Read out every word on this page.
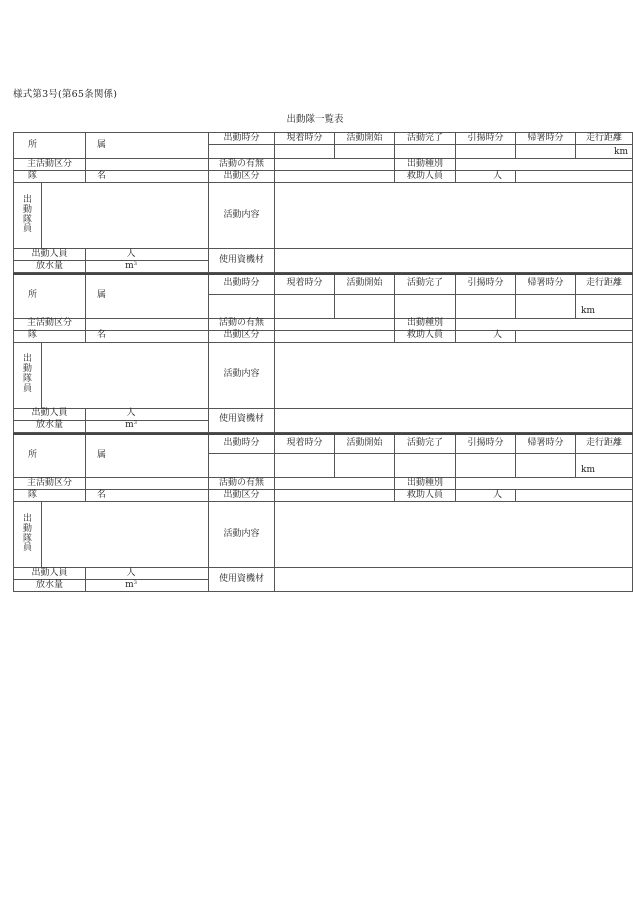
様式第3号(第65条関係)
出動隊一覧表
所　　属			出動時分	現着時分	活動開始	活動完了	引揚時分	帰署時分	走行距離
									km
主活動区分			活動の有無			出動種別			
隊　　名			出動区分			救助人員	人		

出
動
隊
員			活動内容						
出動人員		人	使用資機材						
放水量		$m^3$
所　　属			出動時分	現着時分	活動開始	活動完了	引揚時分	帰署時分	走行距離
									km
主活動区分			活動の有無			出動種別			
隊　　名			出動区分			救助人員	人		

出
動
隊
員			活動内容						
出動人員		人	使用資機材						
放水量		$m^3$
所　　属			出動時分	現着時分	活動開始	活動完了	引揚時分	帰署時分	走行距離
									km
主活動区分			活動の有無			出動種別			
隊　　名			出動区分			救助人員	人		

出
動
隊
員			活動内容						
出動人員		人	使用資機材						
放水量		$m^3$
